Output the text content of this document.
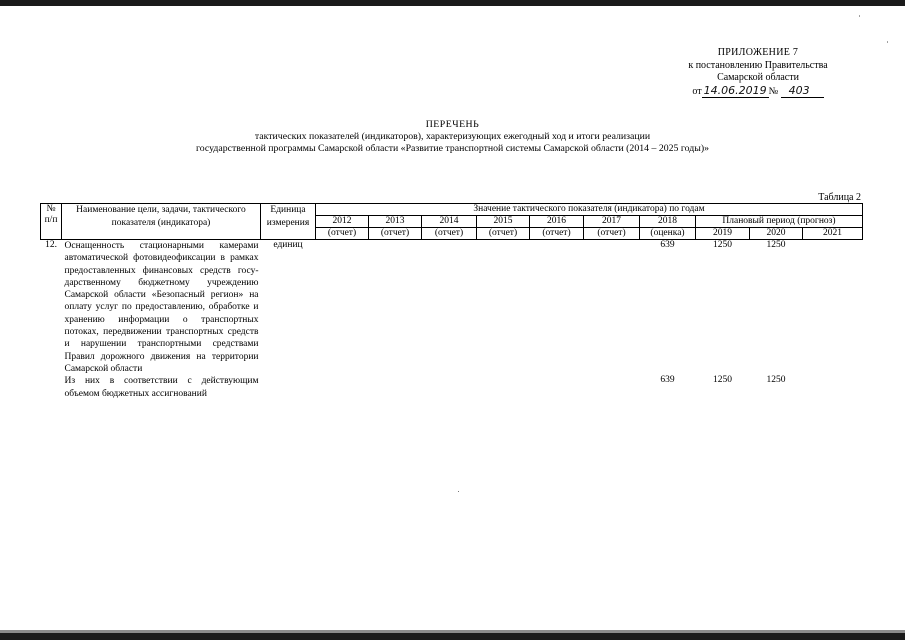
˙
˙
ПРИЛОЖЕНИЕ 7
к постановлению Правительства
Самарской области
от 14.06.2019 № 403
ПЕРЕЧЕНЬ
тактических показателей (индикаторов), характеризующих ежегодный ход и итоги реализации
государственной программы Самарской области «Развитие транспортной системы Самарской области (2014 – 2025 годы)»
Таблица 2
№ п/п	Наименование цели, задачи, тактического показателя (индикатора)	Единица измерения	Значение тактического показателя (индикатора) по годам									
			2012	2013	2014	2015	2016	2017	2018	Плановый период (прогноз)		
			(отчет)	(отчет)	(отчет)	(отчет)	(отчет)	(отчет)	(оценка)	2019	2020	2021
12.	Оснащенность стационарными камерами автоматической фотовидеофиксации в рамках предоставленных финансовых средств государственному бюджетному учреждению Самарской области «Безопасный регион» на оплату услуг по предоставлению, обработке и хранению информации о транспортных потоках, передвижении транспортных средств и нарушении транспортными средствами Правил дорожного движения на территории Самарской области	единиц							639	1250	1250	
	Из них в соответствии с действующим объемом бюджетных ассигнований								639	1250	1250	
